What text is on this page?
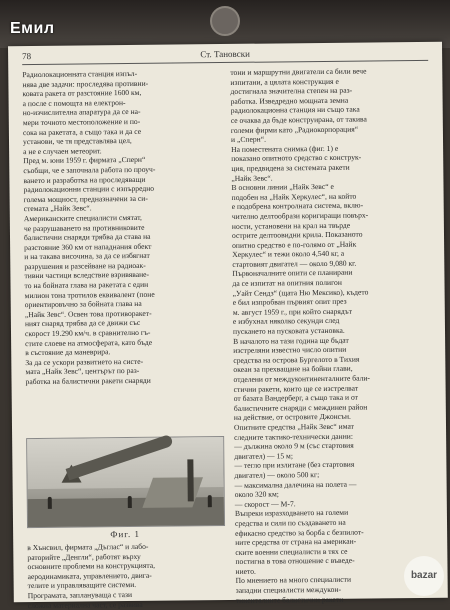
Емил
78	Ст. Тановски
Радиолокационната станция изпъл-
нява две задачи: проследява противни-
ковата ракета от разстояние 1600 км,
а после с помощта на електрон-
но-изчислителна апаратура да се на-
мери точното местоположение и по-
сока на ракетата, а също така и да се
установи, че тя представлява цел,
а не е случаен метеорит.
Пред м. юни 1959 г. фирмата „Сперн“
съобщи, че е започнала работа по проуч-
ването и разработка на проследяващи
радиолокационни станции с изпърредно
голема мощност, предназначени за си-
стемата „Найк Зевс“.
Американските специалисти смятат,
че разрушаването на противниковите
балистични снаряди трябва да става на
разстояние 360 км от нападнания обект
и на такава височина, за да се избягнат
разрушения и разсейване на радиоак-
тивни частици вследствие взривяване-
то на бойната глава на ракетата с един
милион тона тротилов еквивалент (поне
ориентировъчно за бойната глава на
„Найк Зевс“. Освен това противоракет-
ният снаряд трябва да се движи със
скорост 19.290 км/ч. в сравнително гъ-
стите слоеве на атмосферата, като бъде
в състояние да маневрира.
За да се ускори развитието на систе-
мата „Найк Зевс“, центърът по раз-
работка на балистични ракети снаряди
Фиг. 1
в Хънсвил, фирмата „Дъглас“ и лабо-
раторийте „Денгли“, работят върху
основните проблеми на конструкцията,
аеродинамиката, управлението, двига-
телите и управляващите системи.
Програмата, заплануваща с тази
сложна материална част, се развива
тони и маршрутни двигатели са били вече
изпитани, а цялата конструкция е
достигнала значителна степен на раз-
работка. Изведредно мощната земна
радиолокационна станция ни също така
се очаква да бъде конструирана, от такива
големи фирми като „Радиокорпорация“
и „Сперн“.
На поместената снимка (фиг. 1) е
показано опитното средство с конструк-
ция, предвидена за системата ракети
„Найк Зевс“.
В основни линии „Найк Зевс“ е
подобен на „Найк Херкулес“, на който
е подобрена контролната система, вклю-
чително делтообрази коригиращи повърх-
ности, установени на крал на твърде
острите делтоовидни крила. Показаното
опитно средство е по-голямо от „Найк
Херкулес“ и тежи около 4,540 кг, а
стартовият двигател — около 9,080 кг.
Първоначалните опити се планирани
да се изпитат на опитния полигон
„Уайт Сендз“ (щата Ню Мексико), където
е бил изпробван първият опит през
м. август 1959 г., при който снарядът
е избухнал няколко секунди след
пускането на пусковата установка.
В началото на тази година ще бъдат
изстреляни известно число опитни
средства на острова Бургелото в Тихия
океан за прехващане на бойни глави,
отделени от междуконтиненталните бали-
стични ракети, които ще се изстрелват
от базата Вандерберг, а също така и от
балистичните снаряди с междинен район
на действие, от островите Джонсън.
Опитните средства „Найк Зевс“ имат
следните тактико-технически данни:
— дължина около 9 м (със стартовия
двигател) — 15 м;
— тегло при излитане (без стартовия
двигател) — около 500 кг;
— максимална далечина на полета —
около 320 км;
— скорост — М-7.
Въпреки изразходването на големи
средства и сили по създаването на
ефикасно средство за борба с безпилот-
ните средства от страна на американ-
ските военни специалисти в тях се
постигна в това отношение с въведе-
нието.
По мнението на много специалисти
западни специалисти междукон-
тиненталните балистични ракети
bazar
